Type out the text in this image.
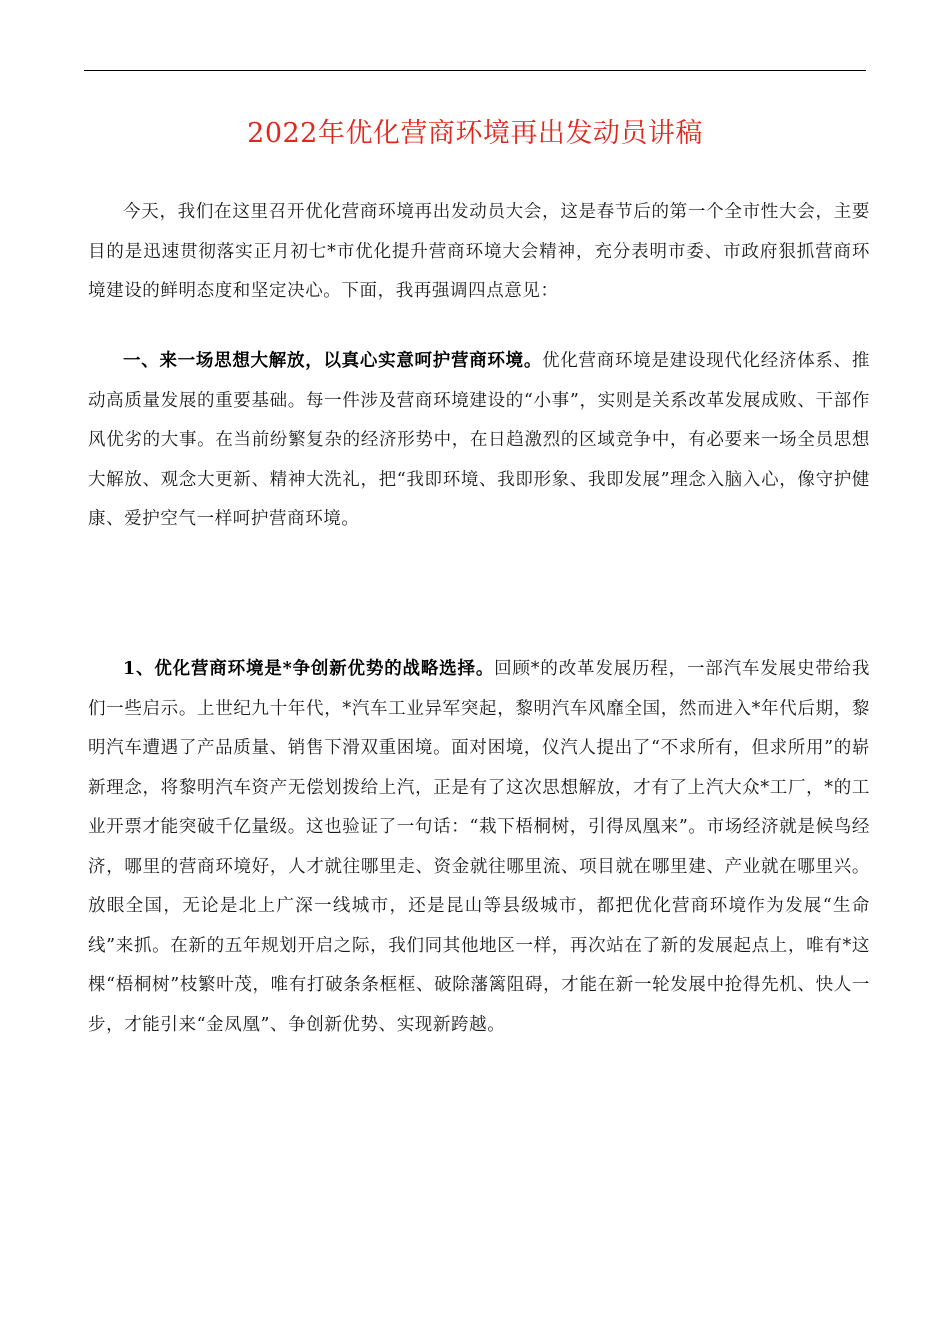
2022年优化营商环境再出发动员讲稿

今天，我们在这里召开优化营商环境再出发动员大会，这是春节后的第一个全市性大会，主要目的是迅速贯彻落实正月初七*市优化提升营商环境大会精神，充分表明市委、市政府狠抓营商环境建设的鲜明态度和坚定决心。下面，我再强调四点意见：

一、来一场思想大解放，以真心实意呵护营商环境。优化营商环境是建设现代化经济体系、推动高质量发展的重要基础。每一件涉及营商环境建设的“小事”，实则是关系改革发展成败、干部作风优劣的大事。在当前纷繁复杂的经济形势中，在日趋激烈的区域竞争中，有必要来一场全员思想大解放、观念大更新、精神大洗礼，把“我即环境、我即形象、我即发展”理念入脑入心，像守护健康、爱护空气一样呵护营商环境。

1、优化营商环境是*争创新优势的战略选择。回顾*的改革发展历程，一部汽车发展史带给我们一些启示。上世纪九十年代，*汽车工业异军突起，黎明汽车风靡全国，然而进入*年代后期，黎明汽车遭遇了产品质量、销售下滑双重困境。面对困境，仪汽人提出了“不求所有，但求所用”的崭新理念，将黎明汽车资产无偿划拨给上汽，正是有了这次思想解放，才有了上汽大众*工厂，*的工业开票才能突破千亿量级。这也验证了一句话：“栽下梧桐树，引得凤凰来”。市场经济就是候鸟经济，哪里的营商环境好，人才就往哪里走、资金就往哪里流、项目就在哪里建、产业就在哪里兴。放眼全国，无论是北上广深一线城市，还是昆山等县级城市，都把优化营商环境作为发展“生命线”来抓。在新的五年规划开启之际，我们同其他地区一样，再次站在了新的发展起点上，唯有*这棵“梧桐树”枝繁叶茂，唯有打破条条框框、破除藩篱阻碍，才能在新一轮发展中抢得先机、快人一步，才能引来“金凤凰”、争创新优势、实现新跨越。
